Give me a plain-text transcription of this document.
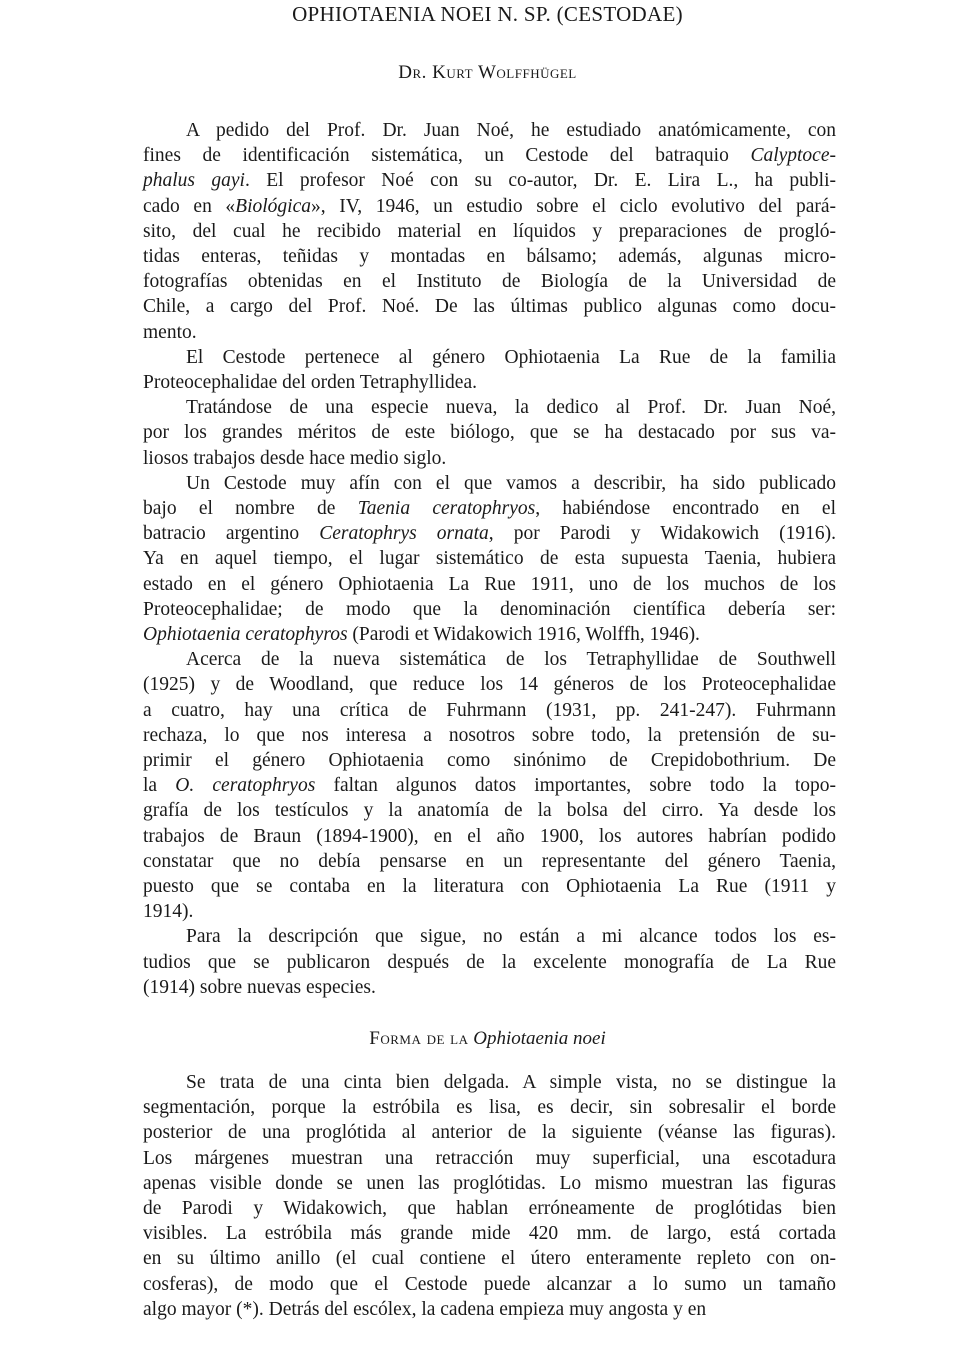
OPHIOTAENIA NOEI N. SP. (CESTODAE)
Dr. Kurt Wolffhügel
A pedido del Prof. Dr. Juan Noé, he estudiado anatómicamente, con
fines de identificación sistemática, un Cestode del batraquio Calyptoce-
phalus gayi. El profesor Noé con su co-autor, Dr. E. Lira L., ha publi-
cado en «Biológica», IV, 1946, un estudio sobre el ciclo evolutivo del pará-
sito, del cual he recibido material en líquidos y preparaciones de progló-
tidas enteras, teñidas y montadas en bálsamo; además, algunas micro-
fotografías obtenidas en el Instituto de Biología de la Universidad de
Chile, a cargo del Prof. Noé. De las últimas publico algunas como docu-
mento.
El Cestode pertenece al género Ophiotaenia La Rue de la familia
Proteocephalidae del orden Tetraphyllidea.
Tratándose de una especie nueva, la dedico al Prof. Dr. Juan Noé,
por los grandes méritos de este biólogo, que se ha destacado por sus va-
liosos trabajos desde hace medio siglo.
Un Cestode muy afín con el que vamos a describir, ha sido publicado
bajo el nombre de Taenia ceratophryos, habiéndose encontrado en el
batracio argentino Ceratophrys ornata, por Parodi y Widakowich (1916).
Ya en aquel tiempo, el lugar sistemático de esta supuesta Taenia, hubiera
estado en el género Ophiotaenia La Rue 1911, uno de los muchos de los
Proteocephalidae; de modo que la denominación científica debería ser:
Ophiotaenia ceratophyros (Parodi et Widakowich 1916, Wolffh, 1946).
Acerca de la nueva sistemática de los Tetraphyllidae de Southwell
(1925) y de Woodland, que reduce los 14 géneros de los Proteocephalidae
a cuatro, hay una crítica de Fuhrmann (1931, pp. 241-247). Fuhrmann
rechaza, lo que nos interesa a nosotros sobre todo, la pretensión de su-
primir el género Ophiotaenia como sinónimo de Crepidobothrium. De
la O. ceratophryos faltan algunos datos importantes, sobre todo la topo-
grafía de los testículos y la anatomía de la bolsa del cirro. Ya desde los
trabajos de Braun (1894-1900), en el año 1900, los autores habrían podido
constatar que no debía pensarse en un representante del género Taenia,
puesto que se contaba en la literatura con Ophiotaenia La Rue (1911 y
1914).
Para la descripción que sigue, no están a mi alcance todos los es-
tudios que se publicaron después de la excelente monografía de La Rue
(1914) sobre nuevas especies.
Forma de la Ophiotaenia noei
Se trata de una cinta bien delgada. A simple vista, no se distingue la
segmentación, porque la estróbila es lisa, es decir, sin sobresalir el borde
posterior de una proglótida al anterior de la siguiente (véanse las figuras).
Los márgenes muestran una retracción muy superficial, una escotadura
apenas visible donde se unen las proglótidas. Lo mismo muestran las figuras
de Parodi y Widakowich, que hablan erróneamente de proglótidas bien
visibles. La estróbila más grande mide 420 mm. de largo, está cortada
en su último anillo (el cual contiene el útero enteramente repleto con on-
cosferas), de modo que el Cestode puede alcanzar a lo sumo un tamaño
algo mayor (*). Detrás del escólex, la cadena empieza muy angosta y en
